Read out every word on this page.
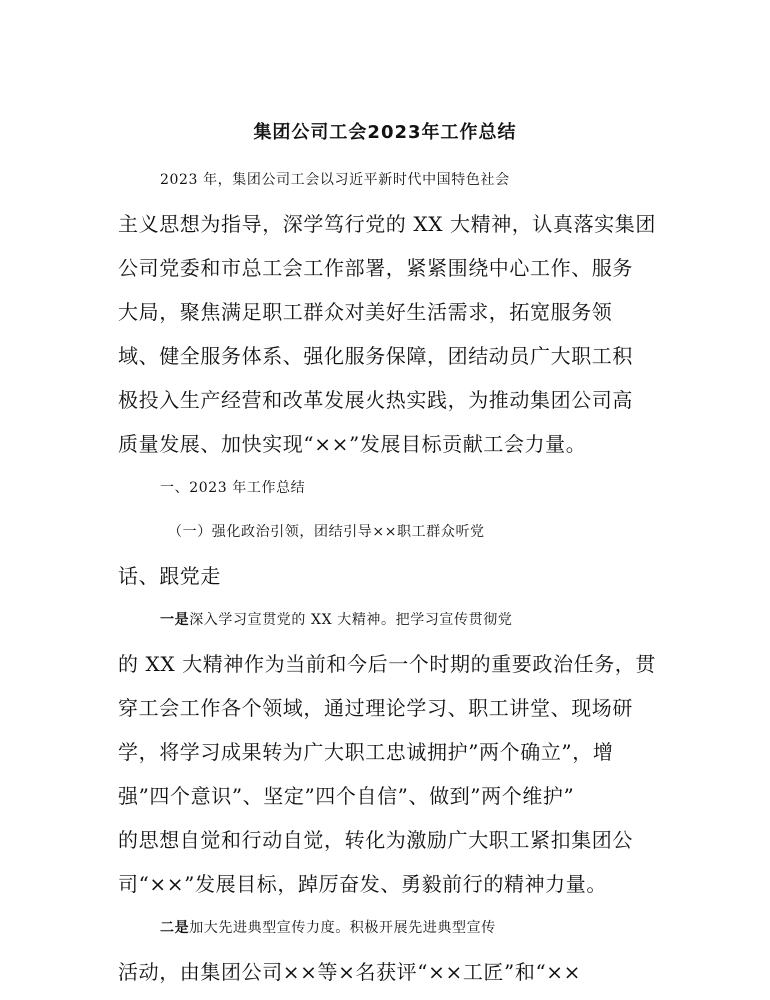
集团公司工会2023年工作总结
2023 年，集团公司工会以习近平新时代中国特色社会
主义思想为指导，深学笃行党的 XX 大精神，认真落实集团
公司党委和市总工会工作部署，紧紧围绕中心工作、服务
大局，聚焦满足职工群众对美好生活需求，拓宽服务领
域、健全服务体系、强化服务保障，团结动员广大职工积
极投入生产经营和改革发展火热实践，为推动集团公司高
质量发展、加快实现“××”发展目标贡献工会力量。
一、2023 年工作总结
（一）强化政治引领，团结引导××职工群众听党
话、跟党走
一是深入学习宣贯党的 XX 大精神。把学习宣传贯彻党
的 XX 大精神作为当前和今后一个时期的重要政治任务，贯
穿工会工作各个领域，通过理论学习、职工讲堂、现场研
学，将学习成果转为广大职工忠诚拥护”两个确立”，增
强”四个意识”、坚定”四个自信”、做到”两个维护”
的思想自觉和行动自觉，转化为激励广大职工紧扣集团公
司“××”发展目标，踔厉奋发、勇毅前行的精神力量。
二是加大先进典型宣传力度。积极开展先进典型宣传
活动，由集团公司××等×名获评“××工匠”和“××
